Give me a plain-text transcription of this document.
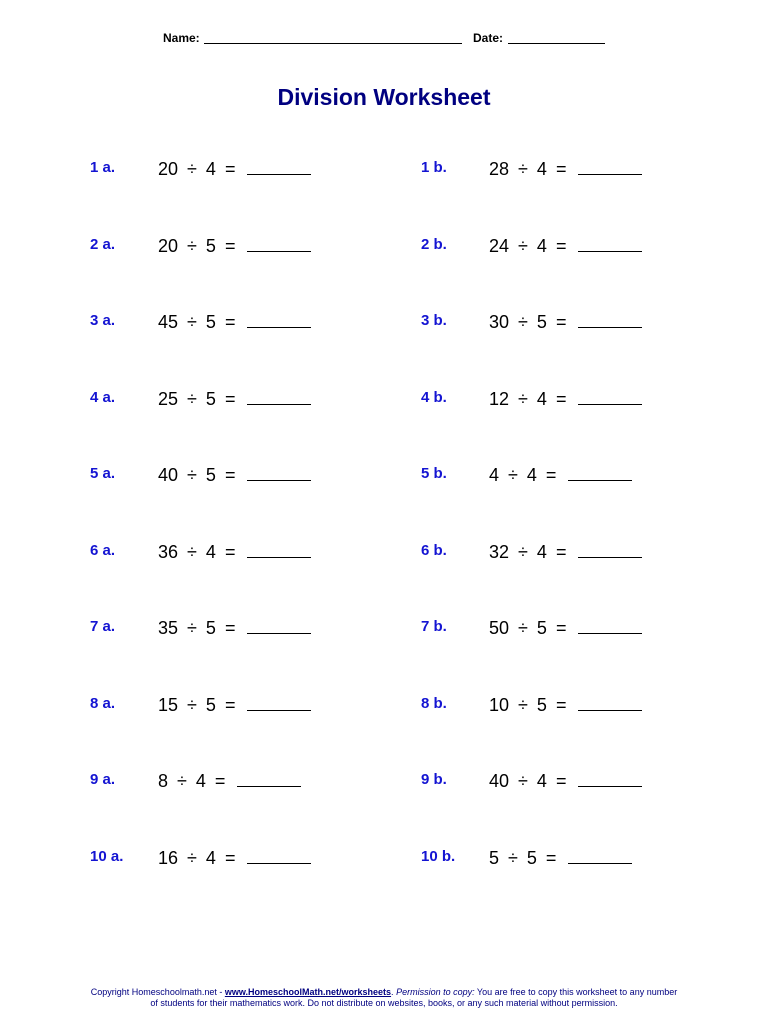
Name:	Date:
Division Worksheet
1 a. 20 ÷ 4 =	1 b. 28 ÷ 4 =
2 a. 20 ÷ 5 =	2 b. 24 ÷ 4 =
3 a. 45 ÷ 5 =	3 b. 30 ÷ 5 =
4 a. 25 ÷ 5 =	4 b. 12 ÷ 4 =
5 a. 40 ÷ 5 =	5 b. 4 ÷ 4 =
6 a. 36 ÷ 4 =	6 b. 32 ÷ 4 =
7 a. 35 ÷ 5 =	7 b. 50 ÷ 5 =
8 a. 15 ÷ 5 =	8 b. 10 ÷ 5 =
9 a. 8 ÷ 4 =	9 b. 40 ÷ 4 =
10 a. 16 ÷ 4 =	10 b. 5 ÷ 5 =
Copyright Homeschoolmath.net - www.HomeschoolMath.net/worksheets. Permission to copy: You are free to copy this worksheet to any number of students for their mathematics work. Do not distribute on websites, books, or any such material without permission.
